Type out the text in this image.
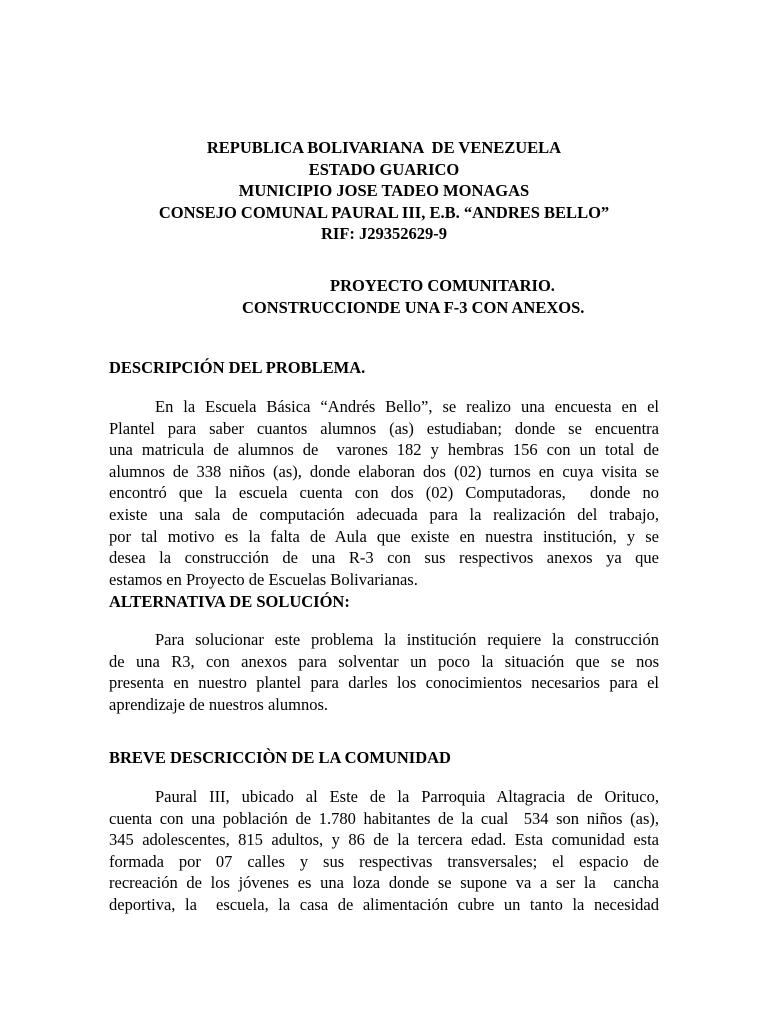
REPUBLICA BOLIVARIANA  DE VENEZUELA
ESTADO GUARICO
MUNICIPIO JOSE TADEO MONAGAS
CONSEJO COMUNAL PAURAL III, E.B. “ANDRES BELLO”
RIF: J29352629-9
PROYECTO COMUNITARIO.
CONSTRUCCIONDE UNA F-3 CON ANEXOS.
DESCRIPCIÓN DEL PROBLEMA.
En la Escuela Básica “Andrés Bello”, se realizo una encuesta en el
Plantel para saber cuantos alumnos (as) estudiaban; donde se encuentra
una matricula de alumnos de  varones 182 y hembras 156 con un total de
alumnos de 338 niños (as), donde elaboran dos (02) turnos en cuya visita se
encontró que la escuela cuenta con dos (02) Computadoras,  donde no
existe una sala de computación adecuada para la realización del trabajo,
por tal motivo es la falta de Aula que existe en nuestra institución, y se
desea la construcción de una R-3 con sus respectivos anexos ya que
estamos en Proyecto de Escuelas Bolivarianas.
ALTERNATIVA DE SOLUCIÓN:
Para solucionar este problema la institución requiere la construcción
de una R3, con anexos para solventar un poco la situación que se nos
presenta en nuestro plantel para darles los conocimientos necesarios para el
aprendizaje de nuestros alumnos.
BREVE DESCRICCIÒN DE LA COMUNIDAD
Paural III, ubicado al Este de la Parroquia Altagracia de Orituco,
cuenta con una población de 1.780 habitantes de la cual  534 son niños (as),
345 adolescentes, 815 adultos, y 86 de la tercera edad. Esta comunidad esta
formada por 07 calles y sus respectivas transversales; el espacio de
recreación de los jóvenes es una loza donde se supone va a ser la  cancha
deportiva, la  escuela, la casa de alimentación cubre un tanto la necesidad
